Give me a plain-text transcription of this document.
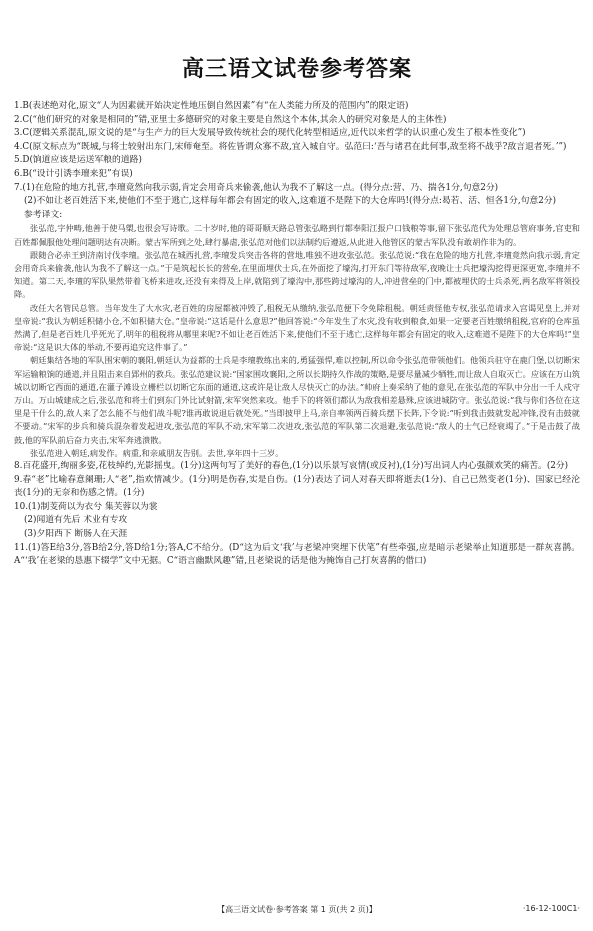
高三语文试卷参考答案

1.B(表述绝对化,原文“人为因素就开始决定性地压倒自然因素”有“在人类能力所及的范围内”的限定语)

2.C(“他们研究的对象是相同的”错,亚里士多德研究的对象主要是自然这个本体,其余人的研究对象是人的主体性)

3.C(逻辑关系混乱,原文说的是“与生产力的巨大发展导致传统社会的现代化转型相适应,近代以来哲学的认识重心发生了根本性变化”)

4.C(原文标点为“既城,与将士较射出东门,宋师奄至。将佐皆谓众寡不敌,宜入城自守。弘范曰:‘吾与诸君在此何事,敌至将不战乎?敌言退者死。’”)

5.D(饷道应该是运送军粮的道路)

6.B(“设计引诱李璮来犯”有误)

7.(1)在危险的地方扎营,李璮竟然向我示弱,肯定会用奇兵来偷袭,他认为我不了解这一点。(得分点:营、乃、揣各1分,句意2分)

(2)不如让老百姓活下来,使他们不至于逃亡,这样每年都会有固定的收入,这难道不是陛下的大仓库吗!(得分点:曷若、活、恒各1分,句意2分)

参考译文:

张弘范,字仲畴,他善于使马槊,也很会写诗歌。二十岁时,他的哥哥顺天路总管张弘略到行都奉阳江报户口钱粮等事,留下张弘范代为处理总管府事务,官吏和百姓都佩服他处理问题明达有决断。蒙古军所到之处,肆行暴虐,张弘范对他们以法制约后遵返,从此进入他管区的蒙古军队没有敢胡作非为的。

跟随合必赤王到济南讨伐李璮。张弘范在城西扎营,李璮发兵突击各将的营地,唯独不进攻张弘范。张弘范说:“我在危险的地方扎营,李璮竟然向我示弱,肯定会用奇兵来偷袭,他认为我不了解这一点。”于是筑起长长的营垒,在里面埋伏士兵,在外面挖了壕沟,打开东门等待敌军,夜晚让士兵把壕沟挖得更深更宽,李璮并不知道。第二天,李璮的军队果然带着飞桥来进攻,还没有来得及上岸,就陷到了壕沟中,那些跨过壕沟的人,冲进营垒的门中,都被埋伏的士兵杀死,两名敌军将领投降。

改任大名管民总管。当年发生了大水灾,老百姓的房屋都被冲毁了,租税无从缴纳,张弘范便下令免除租税。朝廷责怪他专权,张弘范请求入宫谒见皇上,并对皇帝说:“我认为朝廷积储小仓,不如积储大仓。”皇帝说:“这话是什么意思?”他回答说:“今年发生了水灾,没有收到粮食,如果一定要老百姓缴纳租税,官府的仓库虽然满了,但是老百姓几乎死光了,明年的租税将从哪里来呢?不如让老百姓活下来,使他们不至于逃亡,这样每年都会有固定的收入,这难道不是陛下的大仓库吗!”皇帝说:“这是识大体的举动,不要再追究这件事了。”

朝廷集结各地的军队围宋朝的襄阳,朝廷认为益都的士兵是李璮教练出来的,勇猛强悍,难以控制,所以命令张弘范带领他们。他领兵驻守在鹿门堡,以切断宋军运输粮饷的通道,并且阻击来自郢州的救兵。张弘范建议说:“国家围攻襄阳,之所以长期持久作战的策略,是要尽量减少牺牲,而让敌人自取灭亡。应该在万山筑城以切断它西面的通道,在灌子滩设立栅栏以切断它东面的通道,这或许是让敌人尽快灭亡的办法。”帅府上奏采纳了他的意见,在张弘范的军队中分出一千人戍守万山。万山城建成之后,张弘范和将士们到东门外比试射箭,宋军突然来攻。他手下的将领们都认为敌我相差悬殊,应该进城防守。张弘范说:“我与你们各位在这里是干什么的,敌人来了怎么能不与他们战斗呢?谁再敢说退后就处死。”当即披甲上马,亲自率领两百骑兵摆下长阵,下令说:“听到我击鼓就发起冲锋,没有击鼓就不要动。”宋军的步兵和骑兵混杂着发起进攻,张弘范的军队不动,宋军第二次进攻,张弘范的军队第二次退避,张弘范说:“敌人的士气已经衰竭了。”于是击鼓了战鼓,他的军队前后奋力夹击,宋军奔逃溃散。

张弘范进入朝廷,病发作。病重,和亲戚朋友告别。去世,享年四十三岁。

8.百花盛开,绚丽多姿,花枝绰约,光影摇曳。(1分)这两句写了美好的春色,(1分)以乐景写哀情(或反衬),(1分)写出词人内心强颜欢笑的痛苦。(2分)

9.春“老”比喻春意阑珊;人“老”,指欢情减少。(1分)明是伤春,实是自伤。(1分)表达了词人对春天即将逝去(1分)、自己已然变老(1分)、国家已经沦丧(1分)的无奈和伤感之情。(1分)

10.(1)制芰荷以为衣兮 集芙蓉以为裳

(2)闻道有先后 术业有专攻

(3)夕阳西下 断肠人在天涯

11.(1)答E给3分,答B给2分,答D给1分;答A,C不给分。(D“这为后文‘我’与老梁冲突埋下伏笔”有些牵强,应是暗示老梁举止知道那是一群灰喜鹊。A“‘我’在老梁的恳惠下辍学”文中无据。C“语言幽默风趣”错,且老梁说的话是他为掩饰自己打灰喜鹊的借口)

【高三语文试卷·参考答案 第 1 页(共 2 页)】	·16-12-100C1·
